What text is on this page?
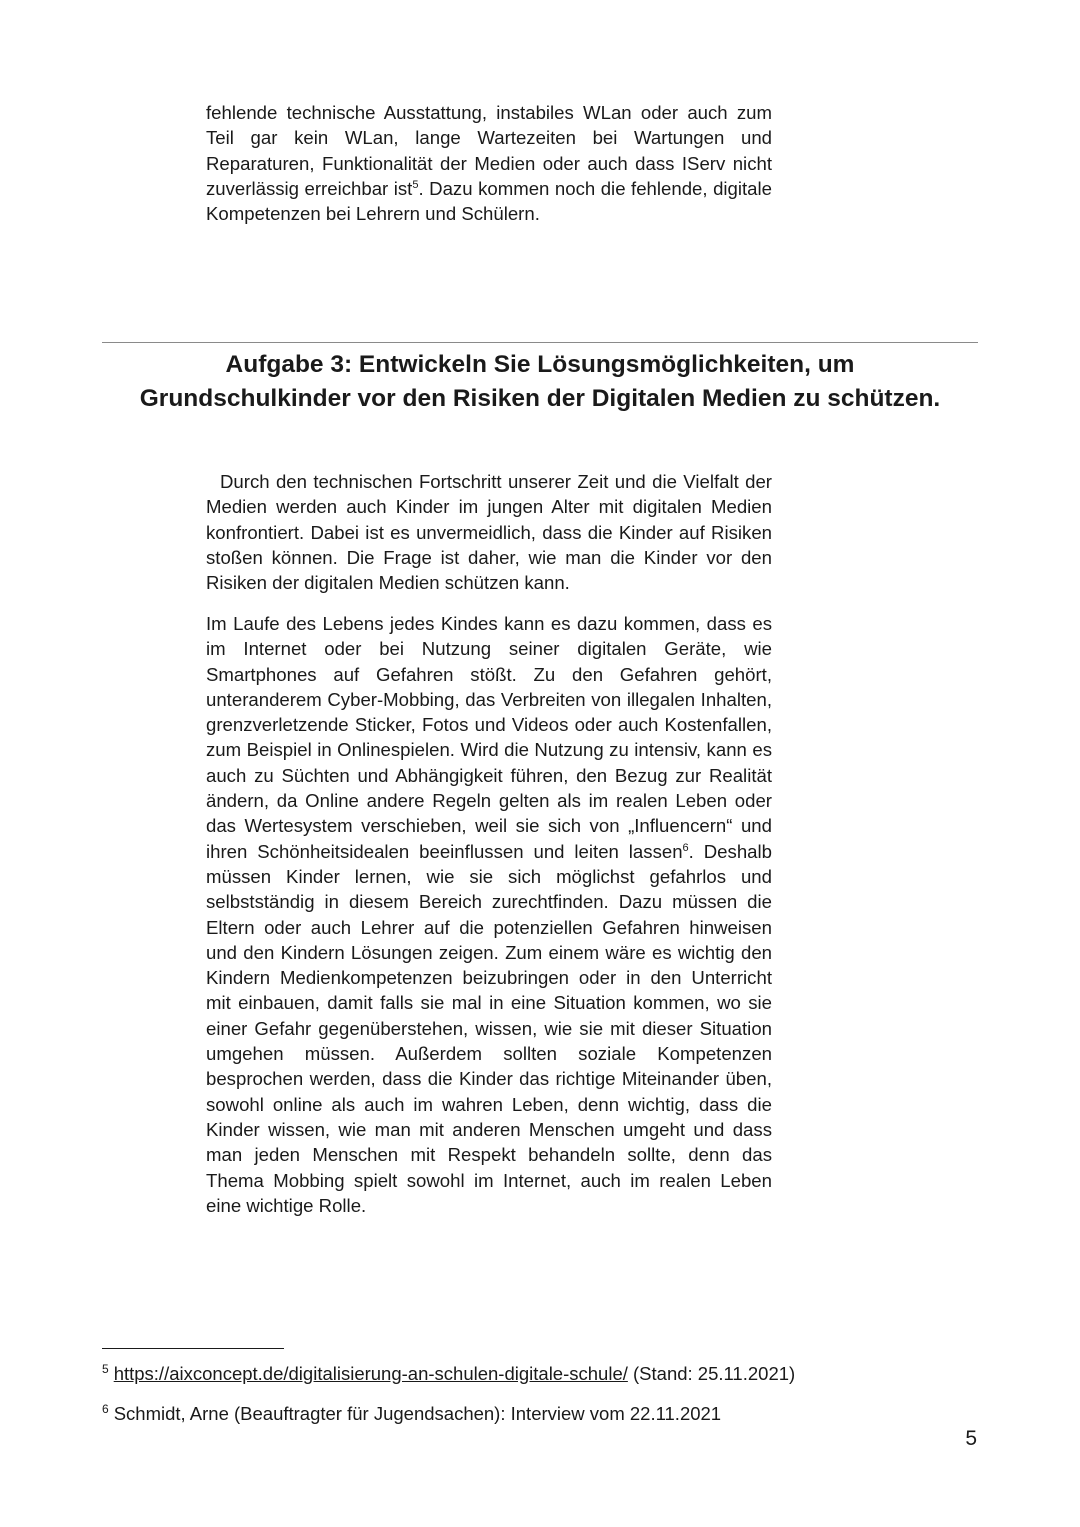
fehlende technische Ausstattung, instabiles WLan oder auch zum Teil gar kein WLan, lange Wartezeiten bei Wartungen und Reparaturen, Funktionalität der Medien oder auch dass IServ nicht zuverlässig erreichbar ist$^5$. Dazu kommen noch die fehlende, digitale Kompetenzen bei Lehrern und Schülern.

Aufgabe 3: Entwickeln Sie Lösungsmöglichkeiten, um
Grundschulkinder vor den Risiken der Digitalen Medien zu schützen.

Durch den technischen Fortschritt unserer Zeit und die Vielfalt der Medien werden auch Kinder im jungen Alter mit digitalen Medien konfrontiert. Dabei ist es unvermeidlich, dass die Kinder auf Risiken stoßen können. Die Frage ist daher, wie man die Kinder vor den Risiken der digitalen Medien schützen kann.

Im Laufe des Lebens jedes Kindes kann es dazu kommen, dass es im Internet oder bei Nutzung seiner digitalen Geräte, wie Smartphones auf Gefahren stößt. Zu den Gefahren gehört, unteranderem Cyber-Mobbing, das Verbreiten von illegalen Inhalten, grenzverletzende Sticker, Fotos und Videos oder auch Kostenfallen, zum Beispiel in Onlinespielen. Wird die Nutzung zu intensiv, kann es auch zu Süchten und Abhängigkeit führen, den Bezug zur Realität ändern, da Online andere Regeln gelten als im realen Leben oder das Wertesystem verschieben, weil sie sich von „Influencern“ und ihren Schönheitsidealen beeinflussen und leiten lassen$^6$. Deshalb müssen Kinder lernen, wie sie sich möglichst gefahrlos und selbstständig in diesem Bereich zurechtfinden. Dazu müssen die Eltern oder auch Lehrer auf die potenziellen Gefahren hinweisen und den Kindern Lösungen zeigen. Zum einem wäre es wichtig den Kindern Medienkompetenzen beizubringen oder in den Unterricht mit einbauen, damit falls sie mal in eine Situation kommen, wo sie einer Gefahr gegenüberstehen, wissen, wie sie mit dieser Situation umgehen müssen. Außerdem sollten soziale Kompetenzen besprochen werden, dass die Kinder das richtige Miteinander üben, sowohl online als auch im wahren Leben, denn wichtig, dass die Kinder wissen, wie man mit anderen Menschen umgeht und dass man jeden Menschen mit Respekt behandeln sollte, denn das Thema Mobbing spielt sowohl im Internet, auch im realen Leben eine wichtige Rolle.

$^5$ https://aixconcept.de/digitalisierung-an-schulen-digitale-schule/ (Stand: 25.11.2021)

$^6$ Schmidt, Arne (Beauftragter für Jugendsachen): Interview vom 22.11.2021

5
